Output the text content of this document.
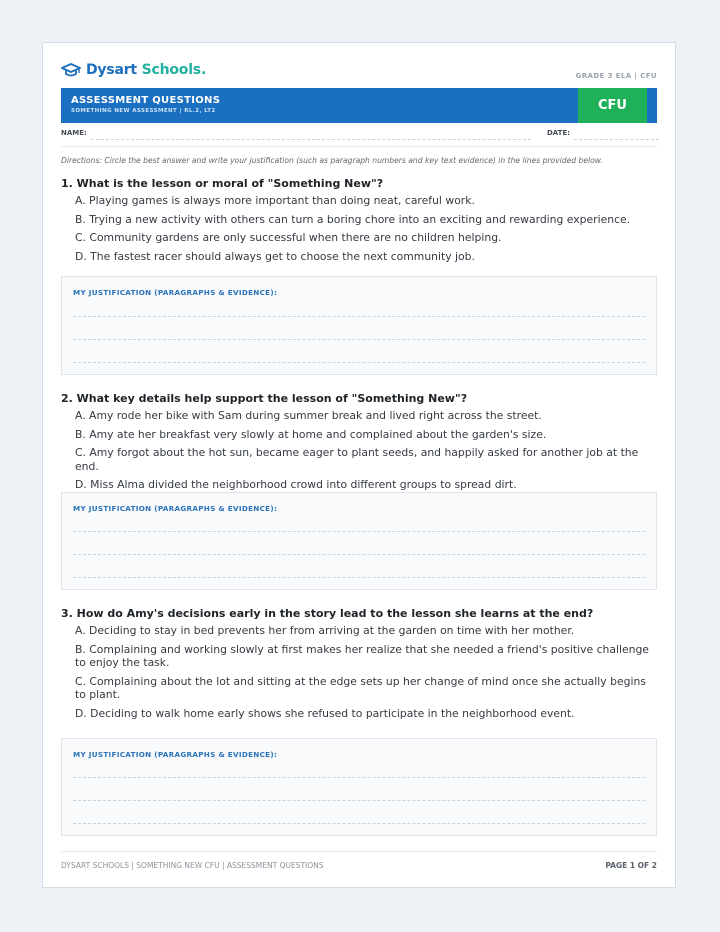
Dysart Schools.	GRADE 3 ELA | CFU
ASSESSMENT QUESTIONS
SOMETHING NEW ASSESSMENT | RL.2, LT2	CFU
NAME:	DATE:
Directions: Circle the best answer and write your justification (such as paragraph numbers and key text evidence) in the lines provided below.

1. What is the lesson or moral of "Something New"?

A. Playing games is always more important than doing neat, careful work.
B. Trying a new activity with others can turn a boring chore into an exciting and rewarding experience.
C. Community gardens are only successful when there are no children helping.
D. The fastest racer should always get to choose the next community job.
MY JUSTIFICATION (PARAGRAPHS & EVIDENCE):

2. What key details help support the lesson of "Something New"?

A. Amy rode her bike with Sam during summer break and lived right across the street.
B. Amy ate her breakfast very slowly at home and complained about the garden's size.
C. Amy forgot about the hot sun, became eager to plant seeds, and happily asked for another job at the end.
D. Miss Alma divided the neighborhood crowd into different groups to spread dirt.
MY JUSTIFICATION (PARAGRAPHS & EVIDENCE):

3. How do Amy's decisions early in the story lead to the lesson she learns at the end?

A. Deciding to stay in bed prevents her from arriving at the garden on time with her mother.
B. Complaining and working slowly at first makes her realize that she needed a friend's positive challenge to enjoy the task.
C. Complaining about the lot and sitting at the edge sets up her change of mind once she actually begins to plant.
D. Deciding to walk home early shows she refused to participate in the neighborhood event.
MY JUSTIFICATION (PARAGRAPHS & EVIDENCE):
DYSART SCHOOLS | SOMETHING NEW CFU | ASSESSMENT QUESTIONS	PAGE 1 OF 2
